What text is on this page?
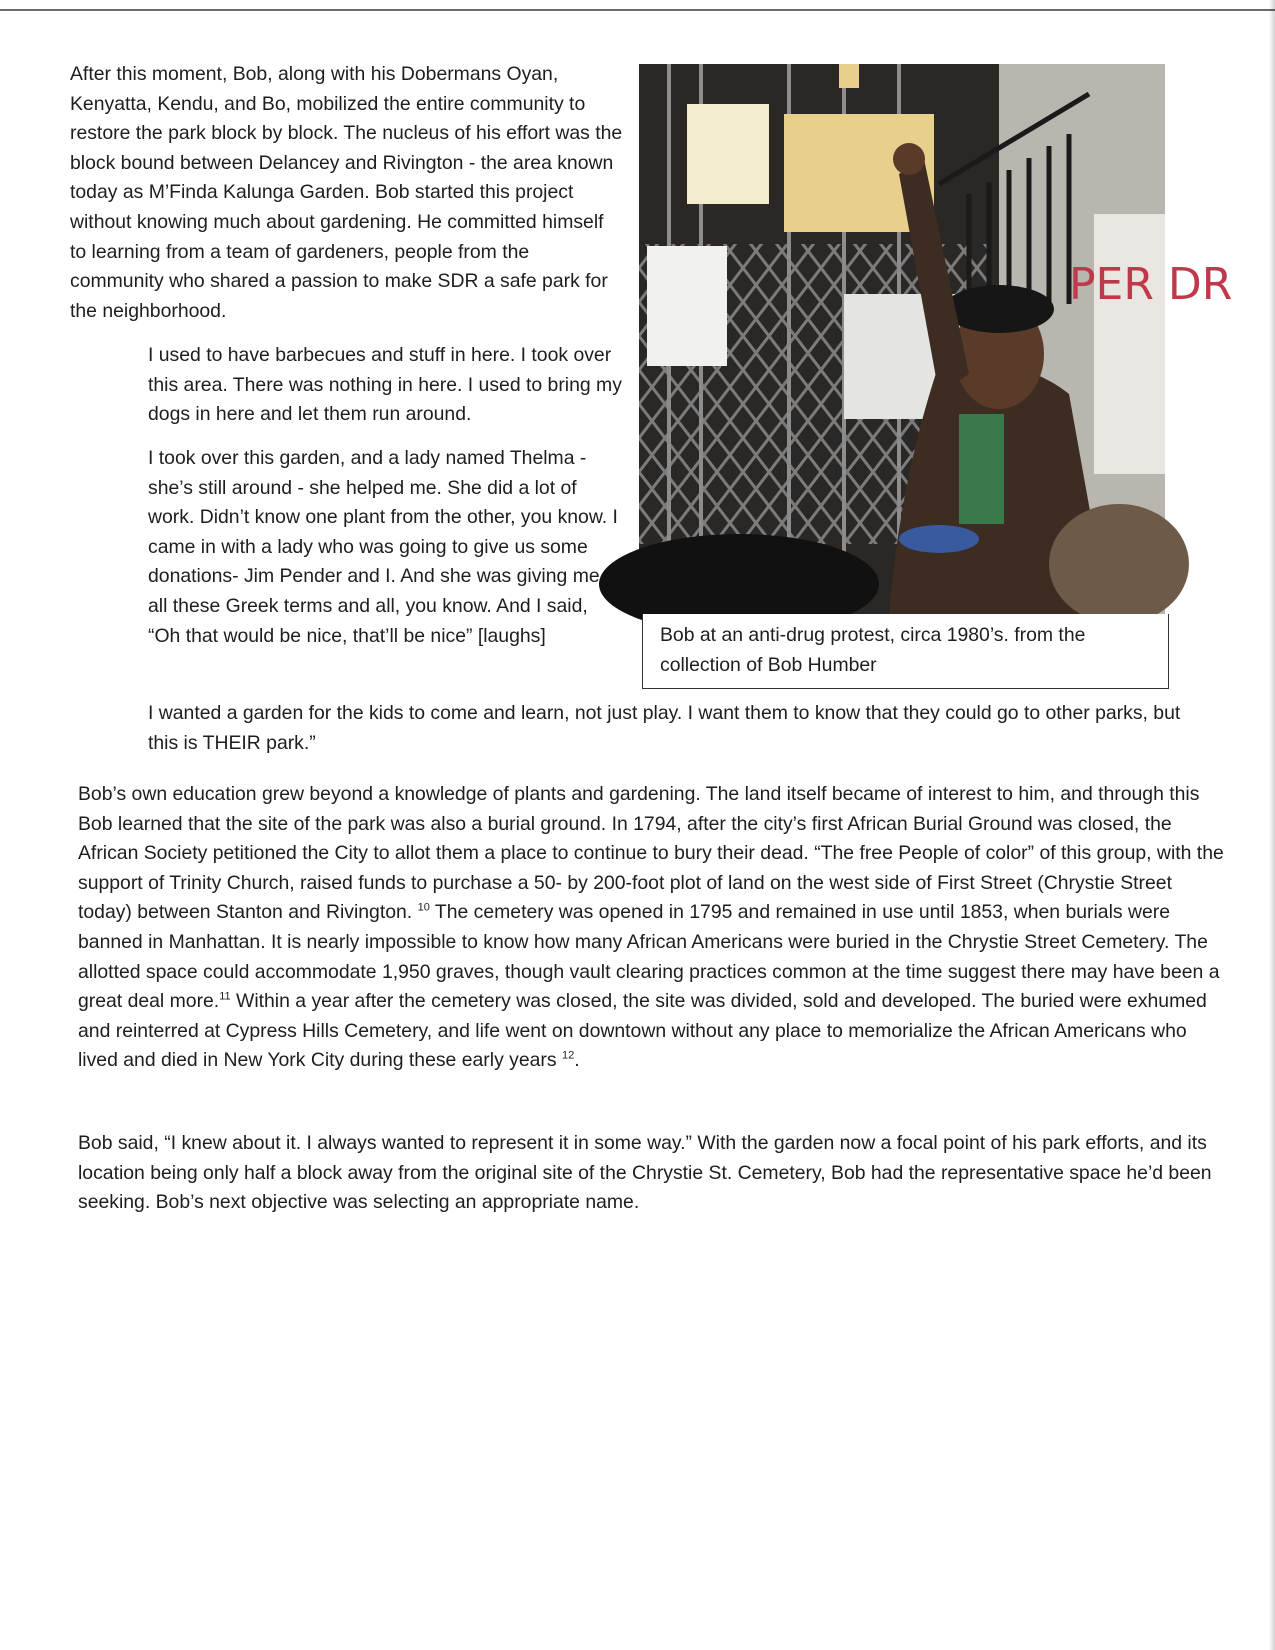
After this moment, Bob, along with his Dobermans Oyan, Kenyatta, Kendu, and Bo, mobilized the entire community to restore the park block by block. The nucleus of his effort was the block bound between Delancey and Rivington - the area known today as M’Finda Kalunga Garden. Bob started this project without knowing much about gardening. He committed himself to learning from a team of gardeners, people from the community who shared a passion to make SDR a safe park for the neighborhood.

I used to have barbecues and stuff in here. I took over this area. There was nothing in here. I used to bring my dogs in here and let them run around.

I took over this garden, and a lady named Thelma - she’s still around - she helped me. She did a lot of work. Didn’t know one plant from the other, you know. I came in with a lady who was going to give us some donations- Jim Pender and I. And she was giving me all these Greek terms and all, you know. And I said, “Oh that would be nice, that’ll be nice” [laughs]

PER DR

Bob at an anti-drug protest, circa 1980’s. from the collection of Bob Humber

I wanted a garden for the kids to come and learn, not just play. I want them to know that they could go to other parks, but this is THEIR park.”

Bob’s own education grew beyond a knowledge of plants and gardening. The land itself became of interest to him, and through this Bob learned that the site of the park was also a burial ground. In 1794, after the city’s first African Burial Ground was closed, the African Society petitioned the City to allot them a place to continue to bury their dead. “The free People of color” of this group, with the support of Trinity Church, raised funds to purchase a 50- by 200-foot plot of land on the west side of First Street (Chrystie Street today) between Stanton and Rivington. $^{10}$ The cemetery was opened in 1795 and remained in use until 1853, when burials were banned in Manhattan. It is nearly impossible to know how many African Americans were buried in the Chrystie Street Cemetery. The allotted space could accommodate 1,950 graves, though vault clearing practices common at the time suggest there may have been a great deal more.$^{11}$ Within a year after the cemetery was closed, the site was divided, sold and developed. The buried were exhumed and reinterred at Cypress Hills Cemetery, and life went on downtown without any place to memorialize the African Americans who lived and died in New York City during these early years $^{12}$.

Bob said, “I knew about it. I always wanted to represent it in some way.” With the garden now a focal point of his park efforts, and its location being only half a block away from the original site of the Chrystie St. Cemetery, Bob had the representative space he’d been seeking. Bob’s next objective was selecting an appropriate name.
